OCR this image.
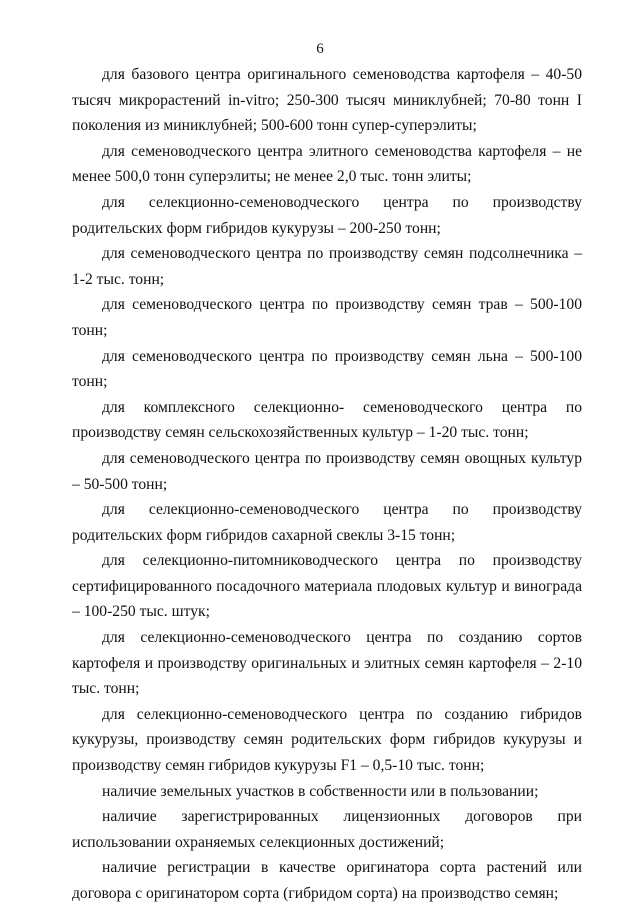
6

для базового центра оригинального семеноводства картофеля – 40-50 тысяч микрорастений in-vitro; 250-300 тысяч миниклубней; 70-80 тонн I поколения из миниклубней; 500-600 тонн супер-суперэлиты;

для семеноводческого центра элитного семеноводства картофеля – не менее 500,0 тонн суперэлиты; не менее 2,0 тыс. тонн элиты;

для селекционно-семеноводческого центра по производству родительских форм гибридов кукурузы – 200-250 тонн;

для семеноводческого центра по производству семян подсолнечника – 1-2 тыс. тонн;

для семеноводческого центра по производству семян трав – 500-100 тонн;

для семеноводческого центра по производству семян льна – 500-100 тонн;

для комплексного селекционно- семеноводческого центра по производству семян сельскохозяйственных культур – 1-20 тыс. тонн;

для семеноводческого центра по производству семян овощных культур – 50-500 тонн;

для селекционно-семеноводческого центра по производству родительских форм гибридов сахарной свеклы 3-15 тонн;

для селекционно-питомниководческого центра по производству сертифицированного посадочного материала плодовых культур и винограда – 100-250 тыс. штук;

для селекционно-семеноводческого центра по созданию сортов картофеля и производству оригинальных и элитных семян картофеля – 2-10 тыс. тонн;

для селекционно-семеноводческого центра по созданию гибридов кукурузы, производству семян родительских форм гибридов кукурузы и производству семян гибридов кукурузы F1 – 0,5-10 тыс. тонн;

наличие земельных участков в собственности или в пользовании;

наличие зарегистрированных лицензионных договоров при использовании охраняемых селекционных достижений;

наличие регистрации в качестве оригинатора сорта растений или договора с оригинатором сорта (гибридом сорта) на производство семян;
